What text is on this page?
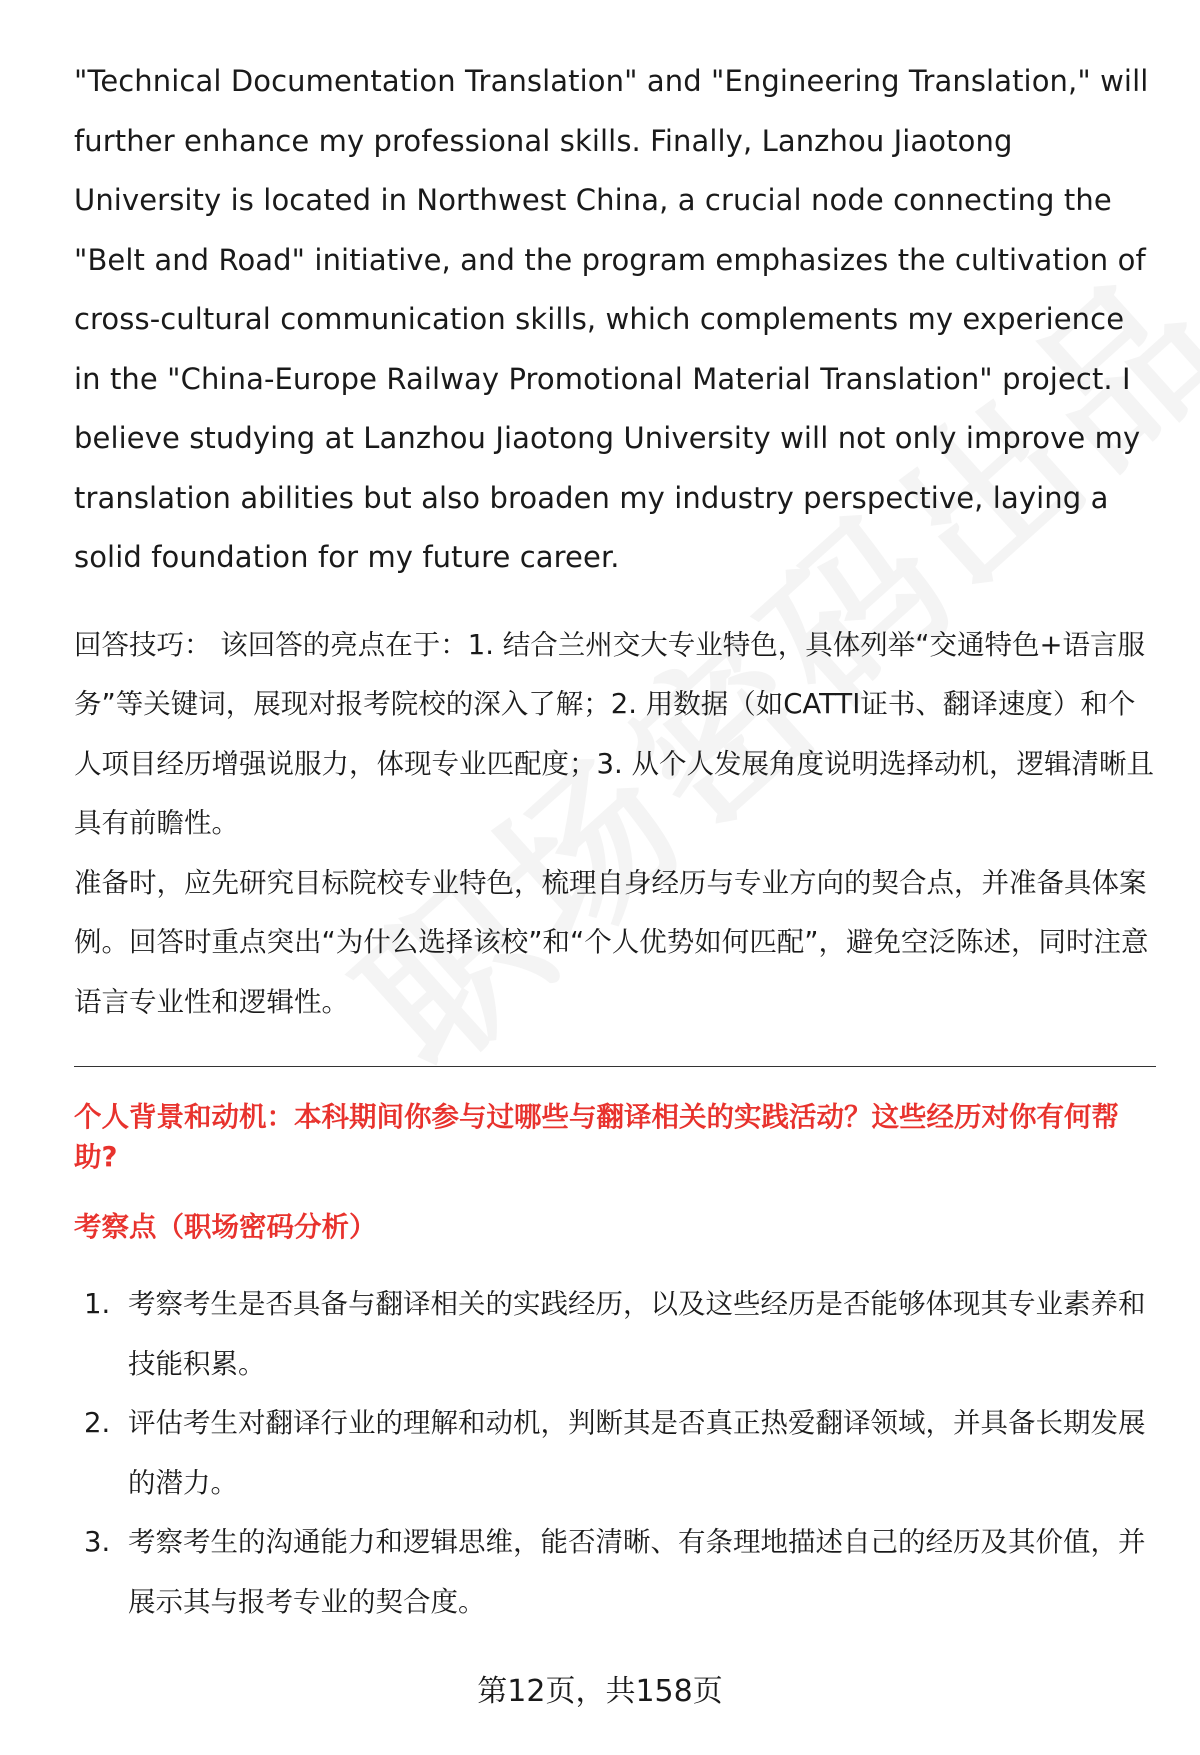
"Technical Documentation Translation" and "Engineering Translation," will further enhance my professional skills. Finally, Lanzhou Jiaotong University is located in Northwest China, a crucial node connecting the "Belt and Road" initiative, and the program emphasizes the cultivation of cross-cultural communication skills, which complements my experience in the "China-Europe Railway Promotional Material Translation" project. I believe studying at Lanzhou Jiaotong University will not only improve my translation abilities but also broaden my industry perspective, laying a solid foundation for my future career.

回答技巧： 该回答的亮点在于：1. 结合兰州交大专业特色，具体列举“交通特色+语言服务”等关键词，展现对报考院校的深入了解；2. 用数据（如CATTI证书、翻译速度）和个人项目经历增强说服力，体现专业匹配度；3. 从个人发展角度说明选择动机，逻辑清晰且具有前瞻性。

准备时，应先研究目标院校专业特色，梳理自身经历与专业方向的契合点，并准备具体案例。回答时重点突出“为什么选择该校”和“个人优势如何匹配”，避免空泛陈述，同时注意语言专业性和逻辑性。

个人背景和动机：本科期间你参与过哪些与翻译相关的实践活动？这些经历对你有何帮助?
考察点（职场密码分析）
1. 考察考生是否具备与翻译相关的实践经历，以及这些经历是否能够体现其专业素养和技能积累。
2. 评估考生对翻译行业的理解和动机，判断其是否真正热爱翻译领域，并具备长期发展的潜力。
3. 考察考生的沟通能力和逻辑思维，能否清晰、有条理地描述自己的经历及其价值，并展示其与报考专业的契合度。
第12页，共158页
